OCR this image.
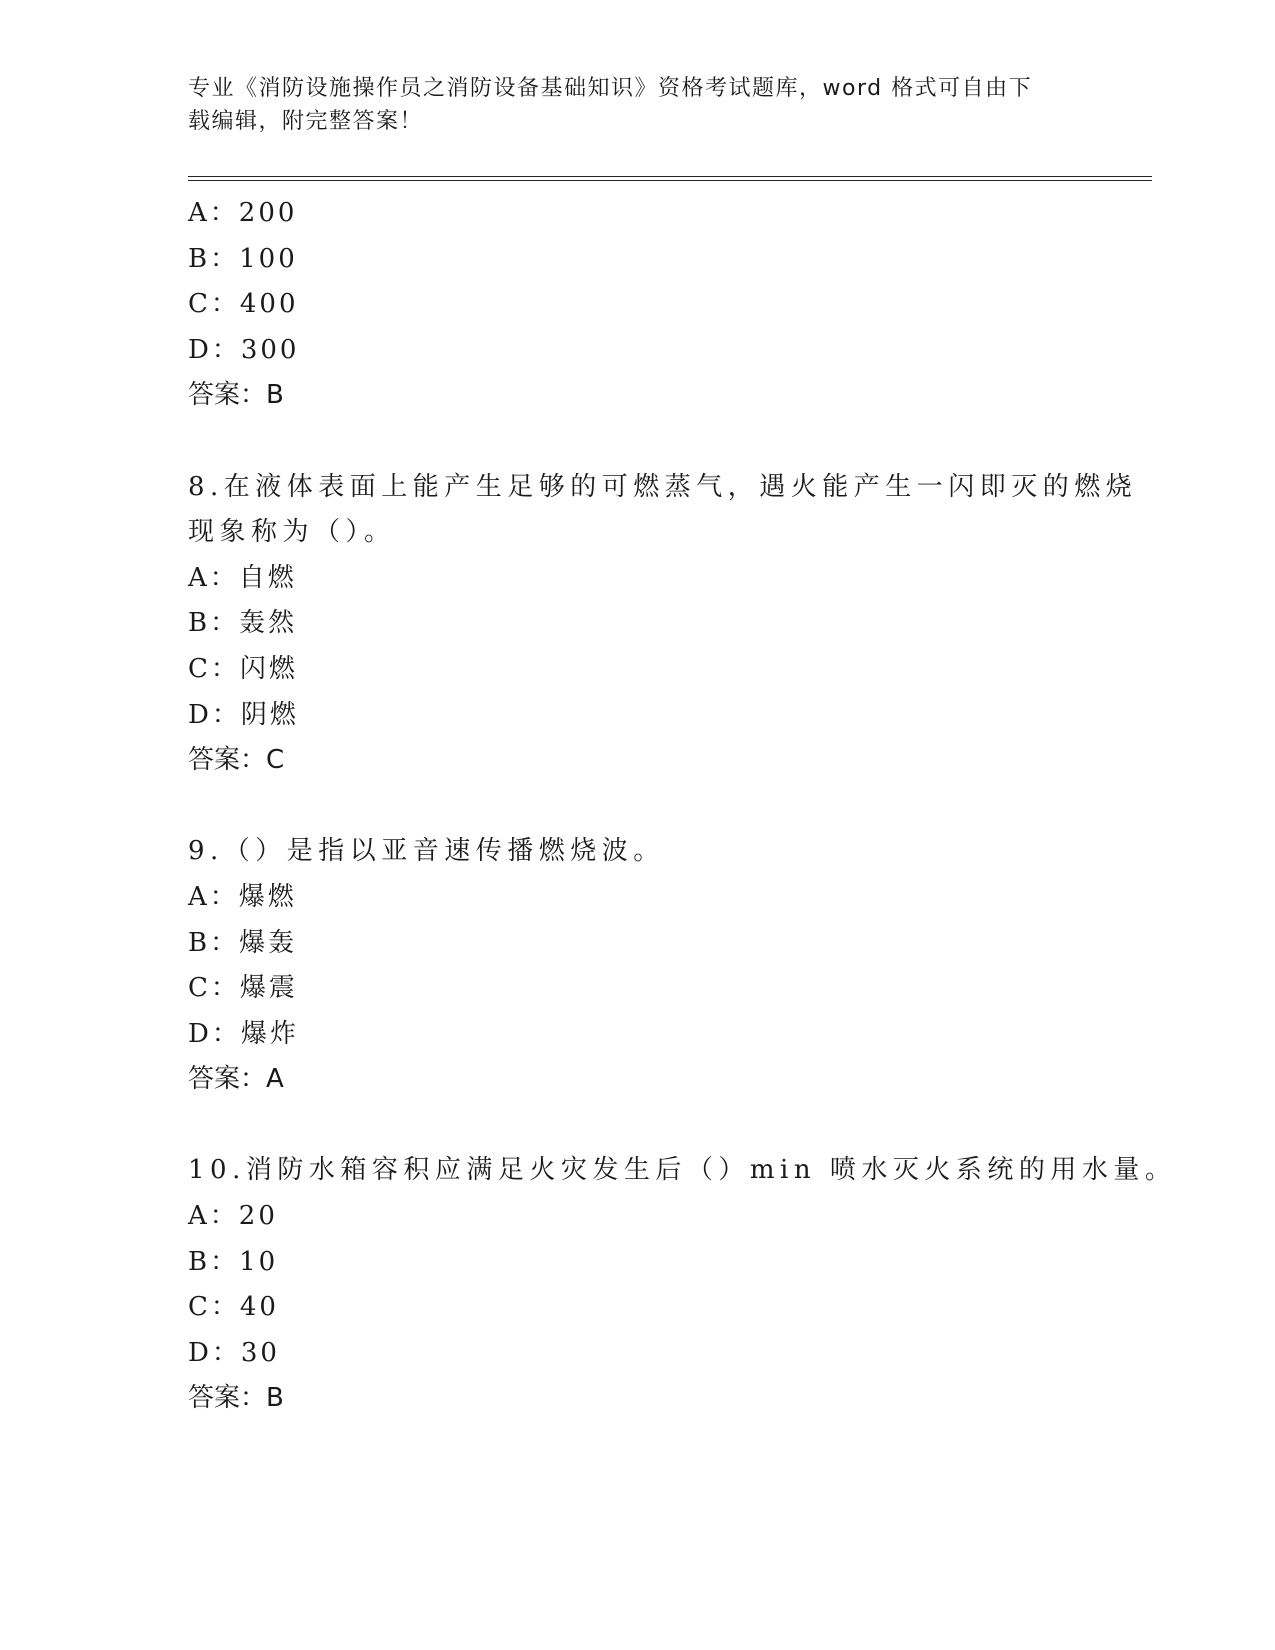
专业《消防设施操作员之消防设备基础知识》资格考试题库，word 格式可自由下
载编辑，附完整答案！
A：200
B：100
C：400
D：300
答案：B
8.在液体表面上能产生足够的可燃蒸气，遇火能产生一闪即灭的燃烧
现象称为（）。
A：自燃
B：轰然
C：闪燃
D：阴燃
答案：C
9.（）是指以亚音速传播燃烧波。
A：爆燃
B：爆轰
C：爆震
D：爆炸
答案：A
10.消防水箱容积应满足火灾发生后（）min 喷水灭火系统的用水量。
A：20
B：10
C：40
D：30
答案：B
